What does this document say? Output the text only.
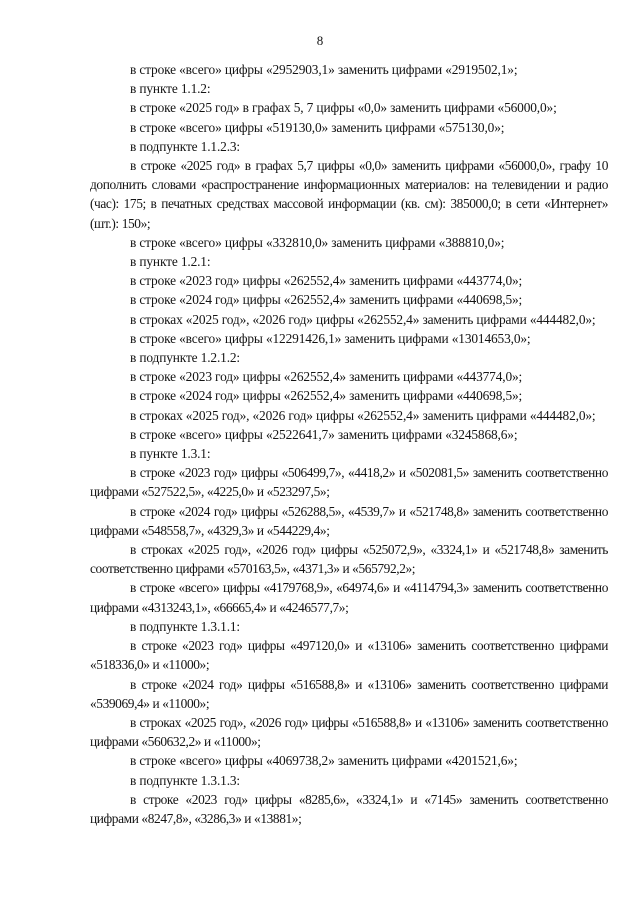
8

в строке «всего» цифры «2952903,1» заменить цифрами «2919502,1»;

в пункте 1.1.2:

в строке «2025 год» в графах 5, 7 цифры «0,0» заменить цифрами «56000,0»;

в строке «всего» цифры «519130,0» заменить цифрами «575130,0»;

в подпункте 1.1.2.3:

в строке «2025 год» в графах 5,7 цифры «0,0» заменить цифрами «56000,0», графу 10 дополнить словами «распространение информационных материалов: на телевидении и радио (час): 175; в печатных средствах массовой информации (кв. см): 385000,0; в сети «Интернет» (шт.): 150»;

в строке «всего» цифры «332810,0» заменить цифрами «388810,0»;

в пункте 1.2.1:

в строке «2023 год» цифры «262552,4» заменить цифрами «443774,0»;

в строке «2024 год» цифры «262552,4» заменить цифрами «440698,5»;

в строках «2025 год», «2026 год» цифры «262552,4» заменить цифрами «444482,0»;

в строке «всего» цифры «12291426,1» заменить цифрами «13014653,0»;

в подпункте 1.2.1.2:

в строке «2023 год» цифры «262552,4» заменить цифрами «443774,0»;

в строке «2024 год» цифры «262552,4» заменить цифрами «440698,5»;

в строках «2025 год», «2026 год» цифры «262552,4» заменить цифрами «444482,0»;

в строке «всего» цифры «2522641,7» заменить цифрами «3245868,6»;

в пункте 1.3.1:

в строке «2023 год» цифры «506499,7», «4418,2» и «502081,5» заменить соответственно цифрами «527522,5», «4225,0» и «523297,5»;

в строке «2024 год» цифры «526288,5», «4539,7» и «521748,8» заменить соответственно цифрами «548558,7», «4329,3» и «544229,4»;

в строках «2025 год», «2026 год» цифры «525072,9», «3324,1» и «521748,8» заменить соответственно цифрами «570163,5», «4371,3» и «565792,2»;

в строке «всего» цифры «4179768,9», «64974,6» и «4114794,3» заменить соответственно цифрами «4313243,1», «66665,4» и «4246577,7»;

в подпункте 1.3.1.1:

в строке «2023 год» цифры «497120,0» и «13106» заменить соответственно цифрами «518336,0» и «11000»;

в строке «2024 год» цифры «516588,8» и «13106» заменить соответственно цифрами «539069,4» и «11000»;

в строках «2025 год», «2026 год» цифры «516588,8» и «13106» заменить соответственно цифрами «560632,2» и «11000»;

в строке «всего» цифры «4069738,2» заменить цифрами «4201521,6»;

в подпункте 1.3.1.3:

в строке «2023 год» цифры «8285,6», «3324,1» и «7145» заменить соответственно цифрами «8247,8», «3286,3» и «13881»;
